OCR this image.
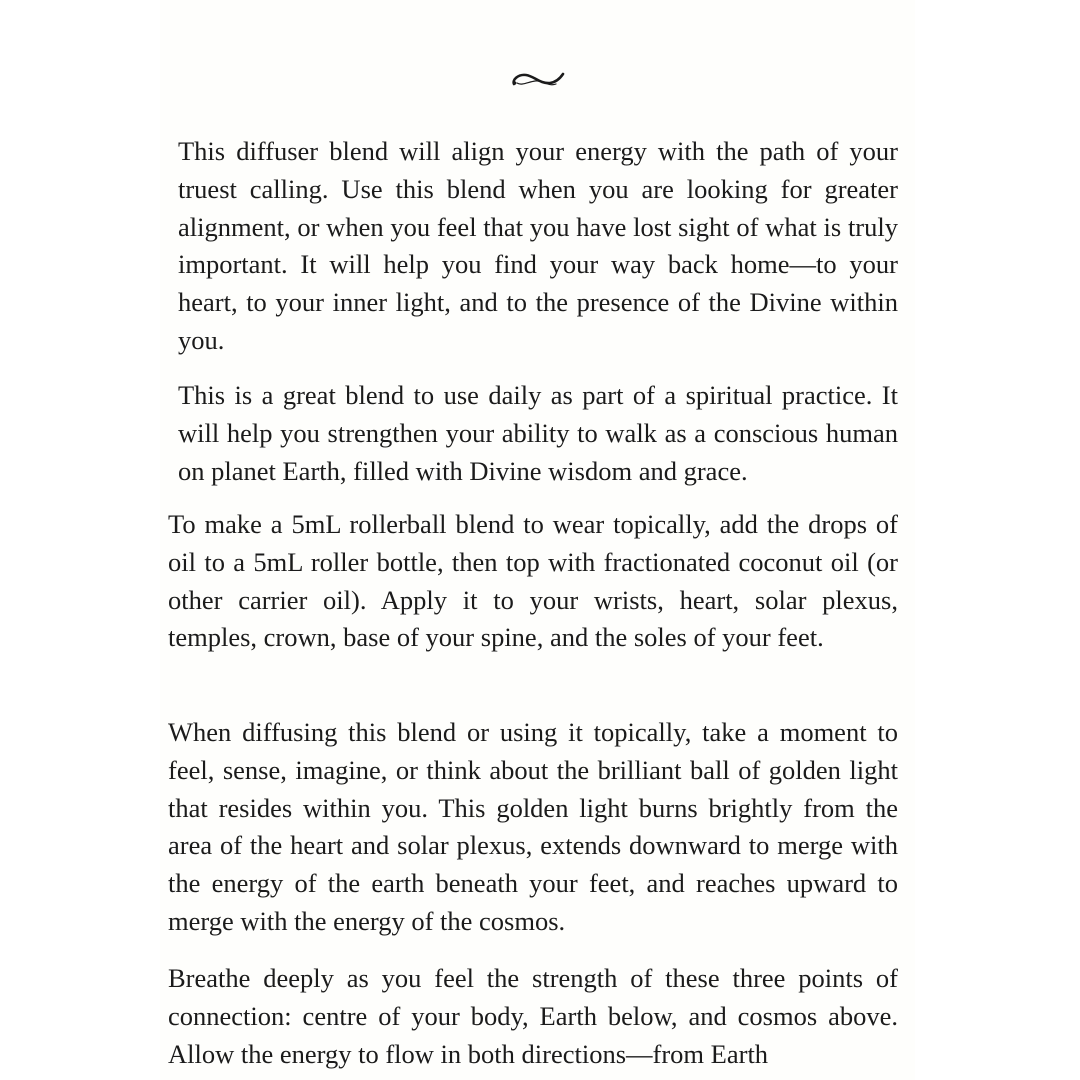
This diffuser blend will align your energy with the path of your truest calling. Use this blend when you are looking for greater alignment, or when you feel that you have lost sight of what is truly important. It will help you find your way back home—to your heart, to your inner light, and to the presence of the Divine within you.

This is a great blend to use daily as part of a spiritual practice. It will help you strengthen your ability to walk as a conscious human on planet Earth, filled with Divine wisdom and grace.

To make a 5mL rollerball blend to wear topically, add the drops of oil to a 5mL roller bottle, then top with fractionated coconut oil (or other carrier oil). Apply it to your wrists, heart, solar plexus, temples, crown, base of your spine, and the soles of your feet.

When diffusing this blend or using it topically, take a moment to feel, sense, imagine, or think about the brilliant ball of golden light that resides within you. This golden light burns brightly from the area of the heart and solar plexus, extends downward to merge with the energy of the earth beneath your feet, and reaches upward to merge with the energy of the cosmos.

Breathe deeply as you feel the strength of these three points of connection: centre of your body, Earth below, and cosmos above. Allow the energy to flow in both directions—from Earth
